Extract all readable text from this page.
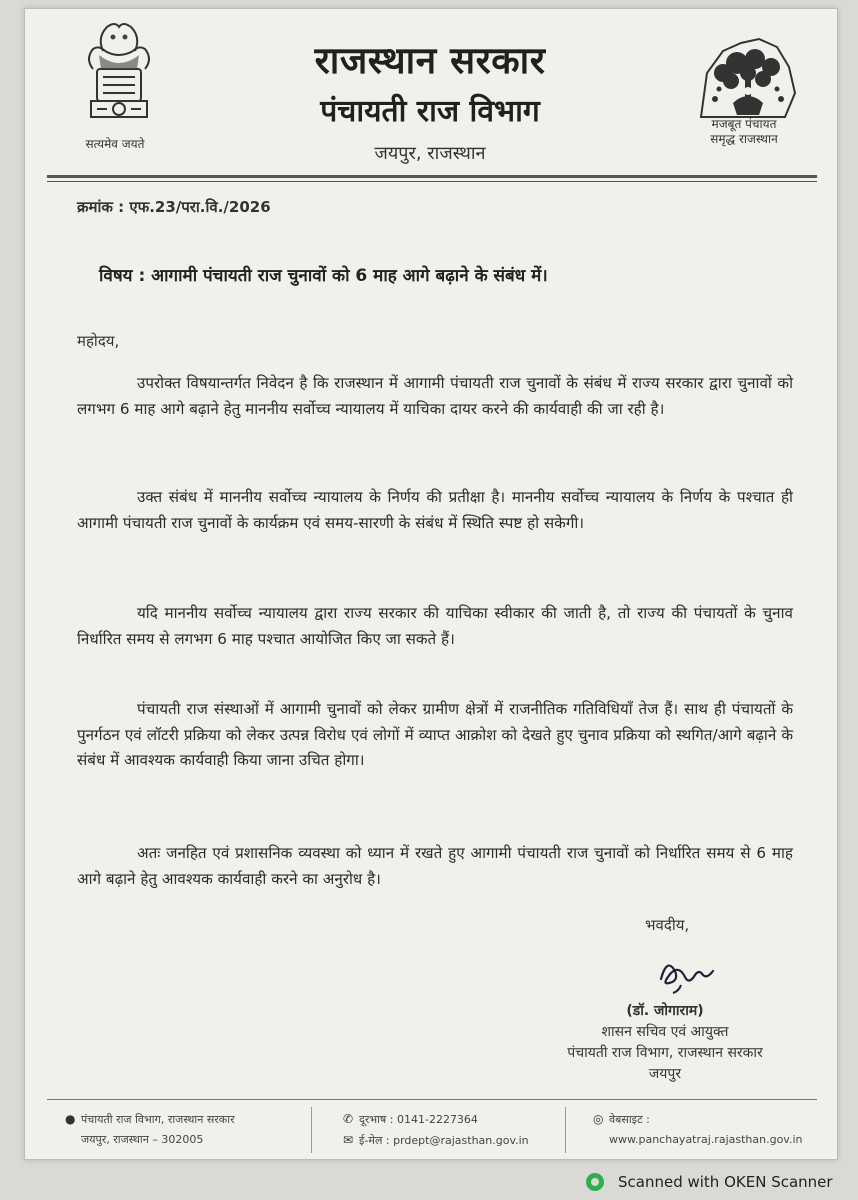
सत्यमेव जयते
राजस्थान सरकार
पंचायती राज विभाग
जयपुर, राजस्थान
मजबूत पंचायत
समृद्ध राजस्थान
क्रमांक : एफ.23/परा.वि./2026
विषय : आगामी पंचायती राज चुनावों को 6 माह आगे बढ़ाने के संबंध में।
महोदय,
उपरोक्त विषयान्तर्गत निवेदन है कि राजस्थान में आगामी पंचायती राज चुनावों के संबंध में राज्य सरकार द्वारा चुनावों को लगभग 6 माह आगे बढ़ाने हेतु माननीय सर्वोच्च न्यायालय में याचिका दायर करने की कार्यवाही की जा रही है।
उक्त संबंध में माननीय सर्वोच्च न्यायालय के निर्णय की प्रतीक्षा है। माननीय सर्वोच्च न्यायालय के निर्णय के पश्चात ही आगामी पंचायती राज चुनावों के कार्यक्रम एवं समय-सारणी के संबंध में स्थिति स्पष्ट हो सकेगी।
यदि माननीय सर्वोच्च न्यायालय द्वारा राज्य सरकार की याचिका स्वीकार की जाती है, तो राज्य की पंचायतों के चुनाव निर्धारित समय से लगभग 6 माह पश्चात आयोजित किए जा सकते हैं।
पंचायती राज संस्थाओं में आगामी चुनावों को लेकर ग्रामीण क्षेत्रों में राजनीतिक गतिविधियाँ तेज हैं। साथ ही पंचायतों के पुनर्गठन एवं लॉटरी प्रक्रिया को लेकर उत्पन्न विरोध एवं लोगों में व्याप्त आक्रोश को देखते हुए चुनाव प्रक्रिया को स्थगित/आगे बढ़ाने के संबंध में आवश्यक कार्यवाही किया जाना उचित होगा।
अतः जनहित एवं प्रशासनिक व्यवस्था को ध्यान में रखते हुए आगामी पंचायती राज चुनावों को निर्धारित समय से 6 माह आगे बढ़ाने हेतु आवश्यक कार्यवाही करने का अनुरोध है।
भवदीय,
(डॉ. जोगाराम)
शासन सचिव एवं आयुक्त
पंचायती राज विभाग, राजस्थान सरकार
जयपुर
● पंचायती राज विभाग, राजस्थान सरकार
जयपुर, राजस्थान – 302005
✆ दूरभाष : 0141-2227364
✉ ई-मेल : prdept@rajasthan.gov.in
◎ वेबसाइट :
www.panchayatraj.rajasthan.gov.in
Scanned with OKEN Scanner
